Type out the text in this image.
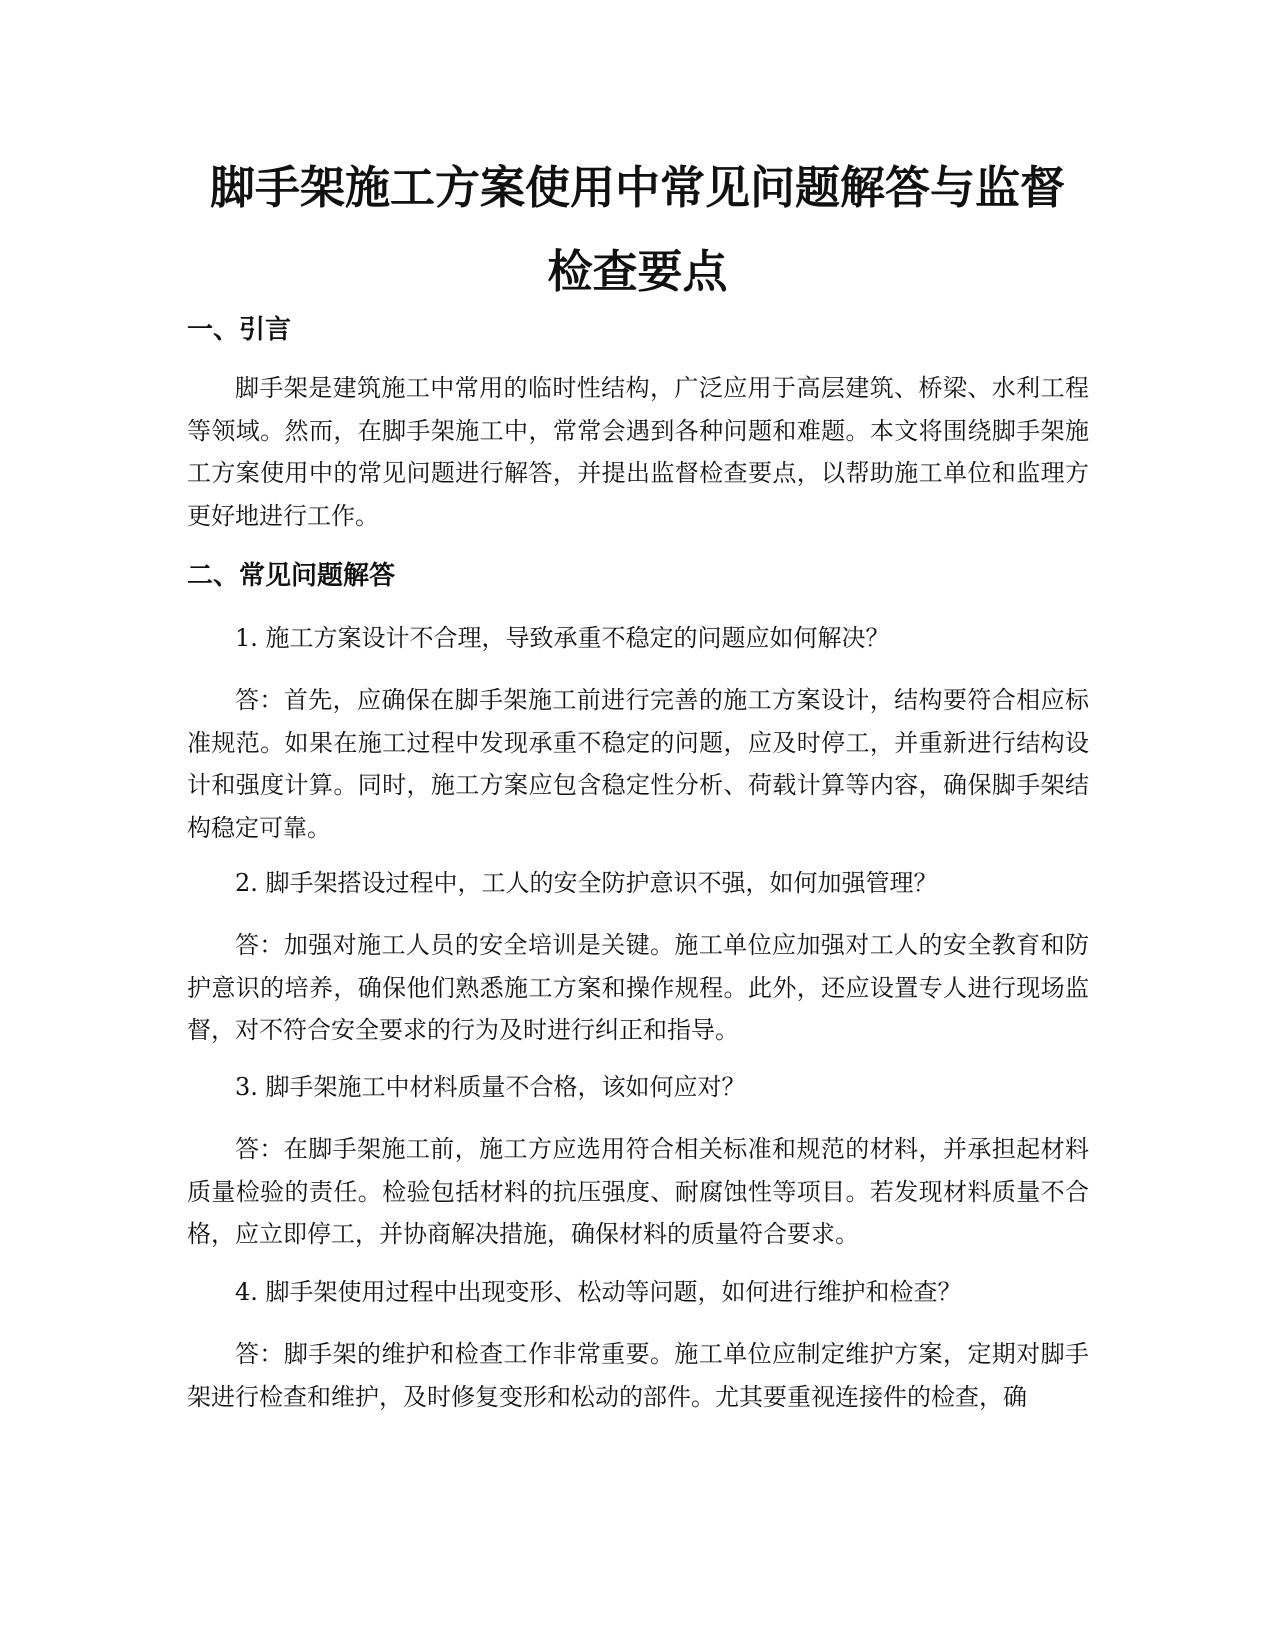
脚手架施工方案使用中常见问题解答与监督
检查要点
一、引言

脚手架是建筑施工中常用的临时性结构，广泛应用于高层建筑、桥梁、水利工程等领域。然而，在脚手架施工中，常常会遇到各种问题和难题。本文将围绕脚手架施工方案使用中的常见问题进行解答，并提出监督检查要点，以帮助施工单位和监理方更好地进行工作。

二、常见问题解答

1. 施工方案设计不合理，导致承重不稳定的问题应如何解决？

答：首先，应确保在脚手架施工前进行完善的施工方案设计，结构要符合相应标准规范。如果在施工过程中发现承重不稳定的问题，应及时停工，并重新进行结构设计和强度计算。同时，施工方案应包含稳定性分析、荷载计算等内容，确保脚手架结构稳定可靠。

2. 脚手架搭设过程中，工人的安全防护意识不强，如何加强管理？

答：加强对施工人员的安全培训是关键。施工单位应加强对工人的安全教育和防护意识的培养，确保他们熟悉施工方案和操作规程。此外，还应设置专人进行现场监督，对不符合安全要求的行为及时进行纠正和指导。

3. 脚手架施工中材料质量不合格，该如何应对？

答：在脚手架施工前，施工方应选用符合相关标准和规范的材料，并承担起材料质量检验的责任。检验包括材料的抗压强度、耐腐蚀性等项目。若发现材料质量不合格，应立即停工，并协商解决措施，确保材料的质量符合要求。

4. 脚手架使用过程中出现变形、松动等问题，如何进行维护和检查？

答：脚手架的维护和检查工作非常重要。施工单位应制定维护方案，定期对脚手架进行检查和维护，及时修复变形和松动的部件。尤其要重视连接件的检查，确
